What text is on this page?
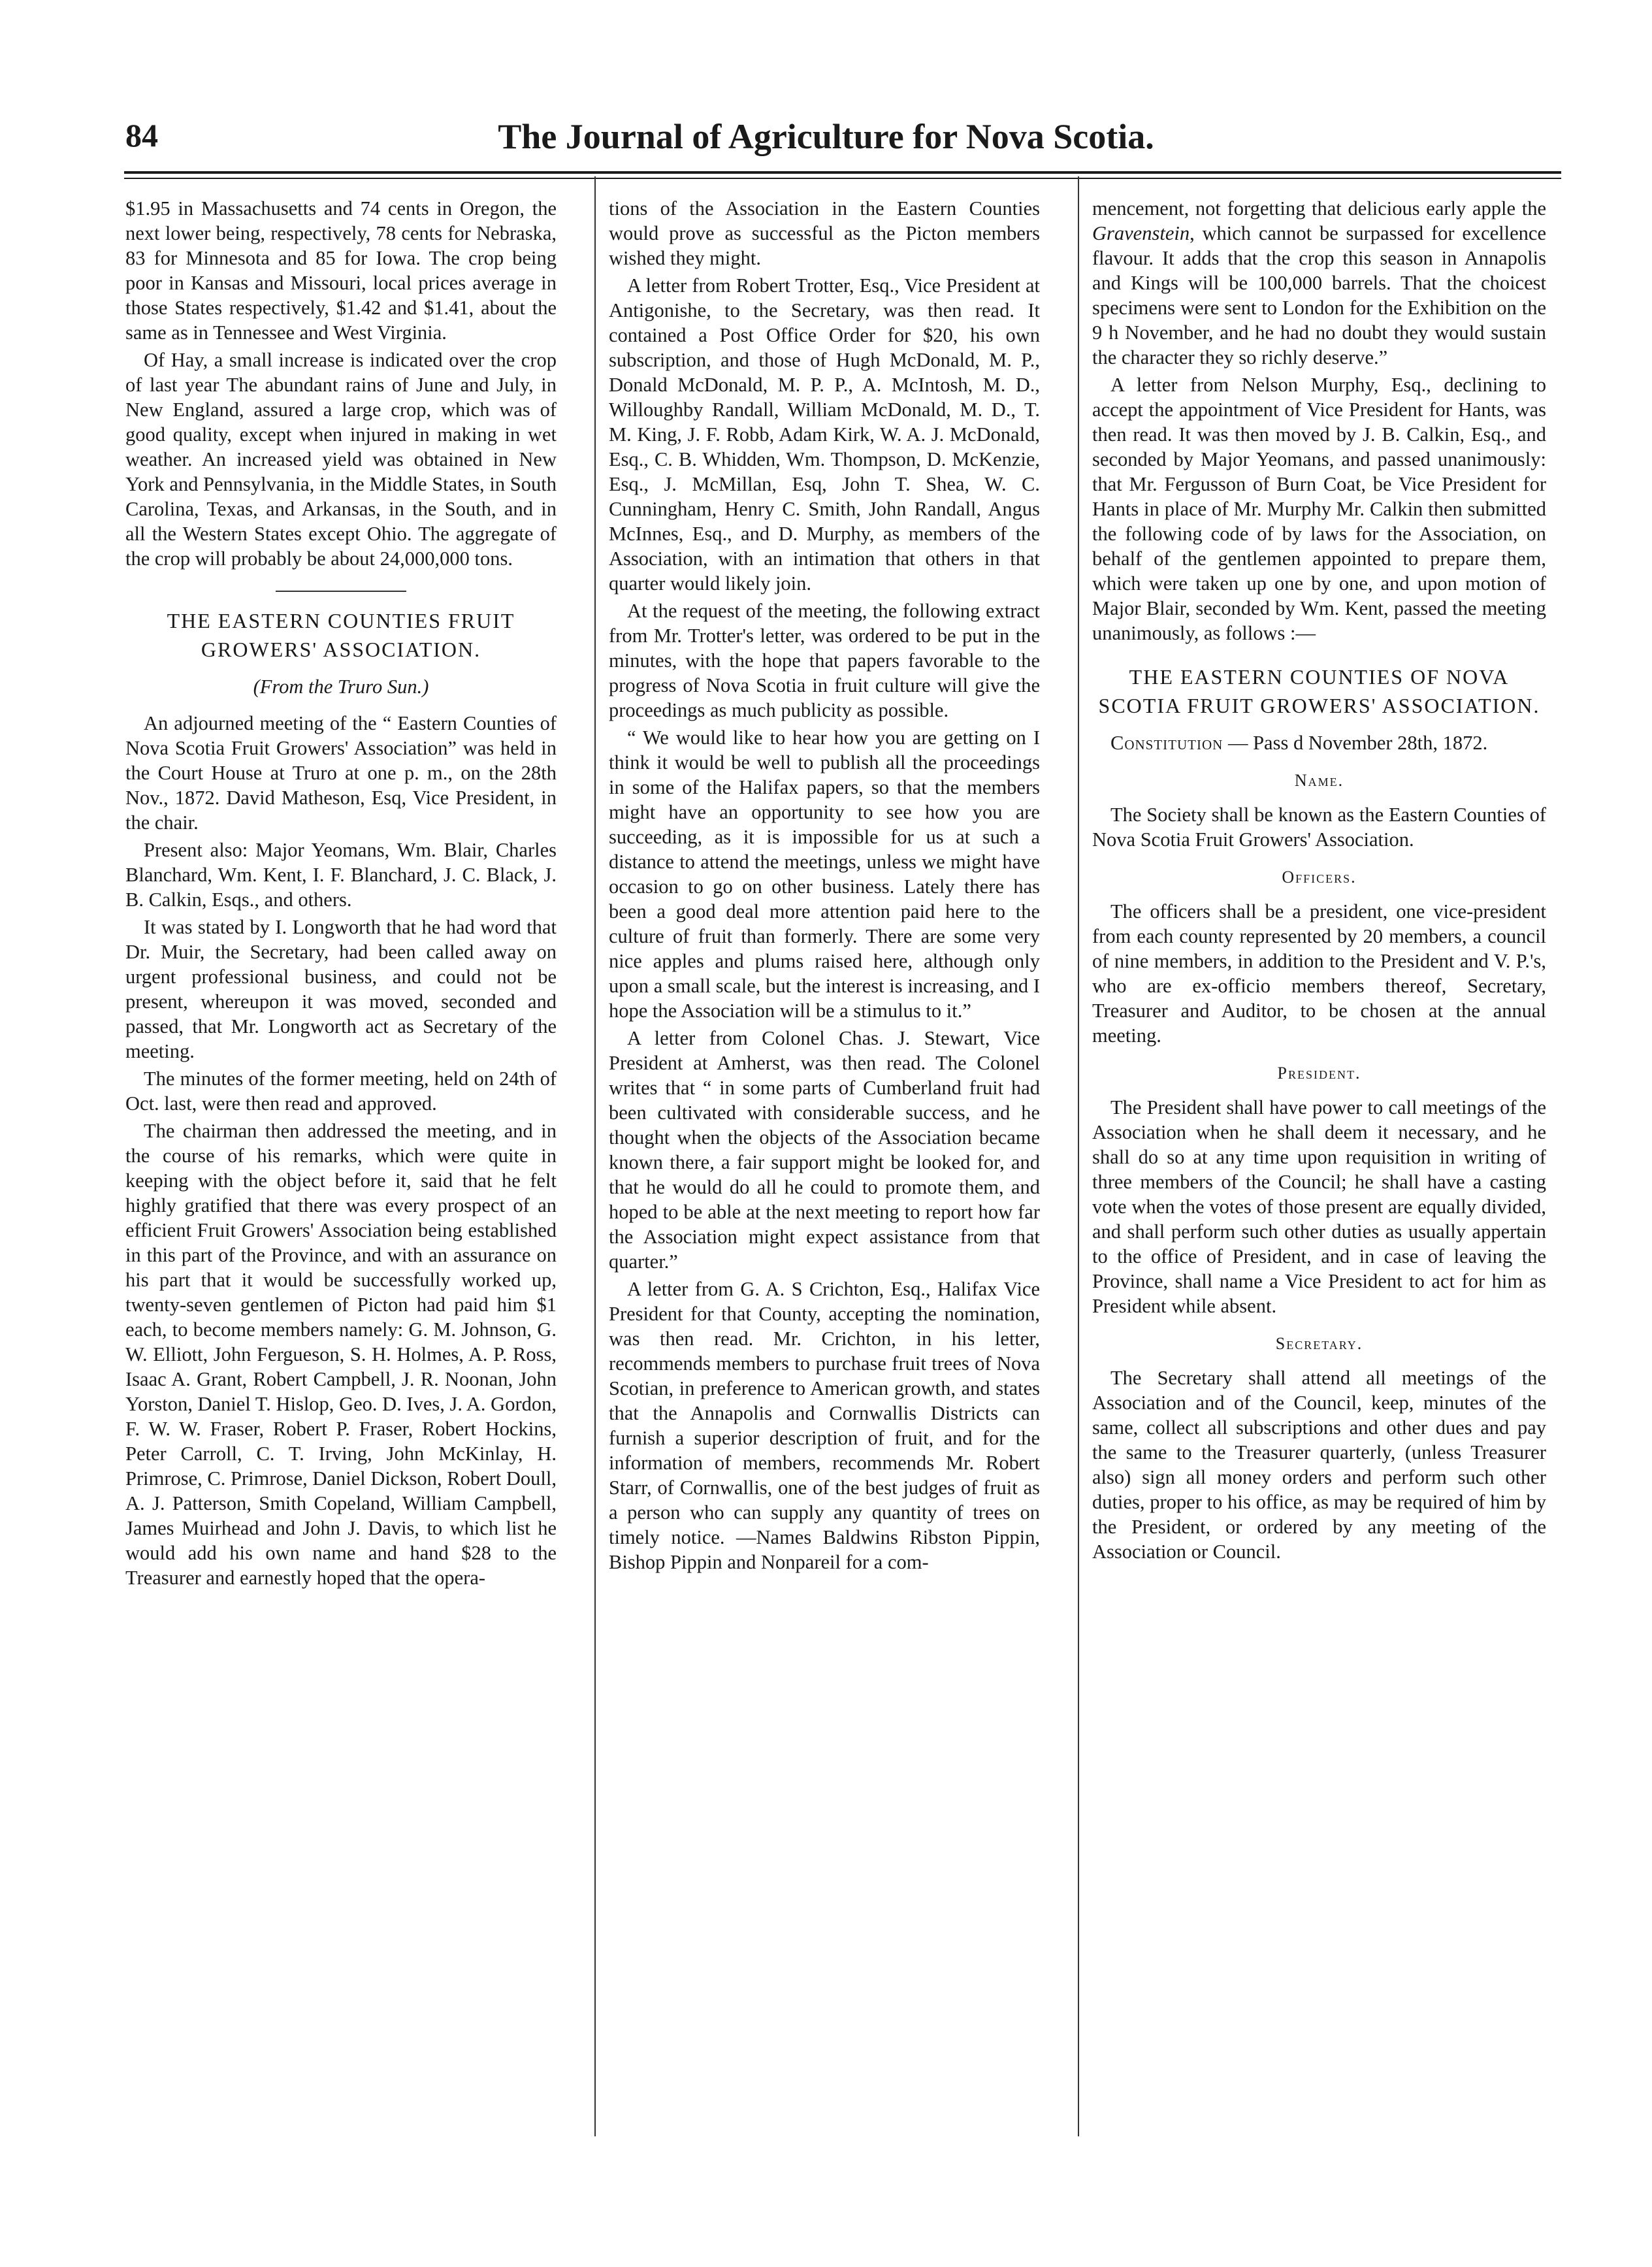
84	The Journal of Agriculture for Nova Scotia.

$1.95 in Massachusetts and 74 cents in Oregon, the next lower being, respectively, 78 cents for Nebraska, 83 for Minnesota and 85 for Iowa. The crop being poor in Kansas and Missouri, local prices average in those States respectively, $1.42 and $1.41, about the same as in Tennessee and West Virginia.

Of Hay, a small increase is indicated over the crop of last year The abundant rains of June and July, in New England, assured a large crop, which was of good quality, except when injured in making in wet weather. An increased yield was obtained in New York and Pennsylvania, in the Middle States, in South Carolina, Texas, and Arkansas, in the South, and in all the Western States except Ohio. The aggregate of the crop will probably be about 24,000,000 tons.

THE EASTERN COUNTIES FRUIT GROWERS' ASSOCIATION.
(From the Truro Sun.)

An adjourned meeting of the “ Eastern Counties of Nova Scotia Fruit Growers' Association” was held in the Court House at Truro at one p. m., on the 28th Nov., 1872. David Matheson, Esq, Vice President, in the chair.

Present also: Major Yeomans, Wm. Blair, Charles Blanchard, Wm. Kent, I. F. Blanchard, J. C. Black, J. B. Calkin, Esqs., and others.

It was stated by I. Longworth that he had word that Dr. Muir, the Secretary, had been called away on urgent professional business, and could not be present, whereupon it was moved, seconded and passed, that Mr. Longworth act as Secretary of the meeting.

The minutes of the former meeting, held on 24th of Oct. last, were then read and approved.

The chairman then addressed the meeting, and in the course of his remarks, which were quite in keeping with the object before it, said that he felt highly gratified that there was every prospect of an efficient Fruit Growers' Association being established in this part of the Province, and with an assurance on his part that it would be successfully worked up, twenty-seven gentlemen of Picton had paid him $1 each, to become members namely: G. M. Johnson, G. W. Elliott, John Fergueson, S. H. Holmes, A. P. Ross, Isaac A. Grant, Robert Campbell, J. R. Noonan, John Yorston, Daniel T. Hislop, Geo. D. Ives, J. A. Gordon, F. W. W. Fraser, Robert P. Fraser, Robert Hockins, Peter Carroll, C. T. Irving, John McKinlay, H. Primrose, C. Primrose, Daniel Dickson, Robert Doull, A. J. Patterson, Smith Copeland, William Campbell, James Muirhead and John J. Davis, to which list he would add his own name and hand $28 to the Treasurer and earnestly hoped that the opera-

tions of the Association in the Eastern Counties would prove as successful as the Picton members wished they might.

A letter from Robert Trotter, Esq., Vice President at Antigonishe, to the Secretary, was then read. It contained a Post Office Order for $20, his own subscription, and those of Hugh McDonald, M. P., Donald McDonald, M. P. P., A. McIntosh, M. D., Willoughby Randall, William McDonald, M. D., T. M. King, J. F. Robb, Adam Kirk, W. A. J. McDonald, Esq., C. B. Whidden, Wm. Thompson, D. McKenzie, Esq., J. McMillan, Esq, John T. Shea, W. C. Cunningham, Henry C. Smith, John Randall, Angus McInnes, Esq., and D. Murphy, as members of the Association, with an intimation that others in that quarter would likely join.

At the request of the meeting, the following extract from Mr. Trotter's letter, was ordered to be put in the minutes, with the hope that papers favorable to the progress of Nova Scotia in fruit culture will give the proceedings as much publicity as possible.

“ We would like to hear how you are getting on I think it would be well to publish all the proceedings in some of the Halifax papers, so that the members might have an opportunity to see how you are succeeding, as it is impossible for us at such a distance to attend the meetings, unless we might have occasion to go on other business. Lately there has been a good deal more attention paid here to the culture of fruit than formerly. There are some very nice apples and plums raised here, although only upon a small scale, but the interest is increasing, and I hope the Association will be a stimulus to it.”

A letter from Colonel Chas. J. Stewart, Vice President at Amherst, was then read. The Colonel writes that “ in some parts of Cumberland fruit had been cultivated with considerable success, and he thought when the objects of the Association became known there, a fair support might be looked for, and that he would do all he could to promote them, and hoped to be able at the next meeting to report how far the Association might expect assistance from that quarter.”

A letter from G. A. S Crichton, Esq., Halifax Vice President for that County, accepting the nomination, was then read. Mr. Crichton, in his letter, recommends members to purchase fruit trees of Nova Scotian, in preference to American growth, and states that the Annapolis and Cornwallis Districts can furnish a superior description of fruit, and for the information of members, recommends Mr. Robert Starr, of Cornwallis, one of the best judges of fruit as a person who can supply any quantity of trees on timely notice. —Names Baldwins Ribston Pippin, Bishop Pippin and Nonpareil for a com-

mencement, not forgetting that delicious early apple the Gravenstein, which cannot be surpassed for excellence flavour. It adds that the crop this season in Annapolis and Kings will be 100,000 barrels. That the choicest specimens were sent to London for the Exhibition on the 9 h November, and he had no doubt they would sustain the character they so richly deserve.”

A letter from Nelson Murphy, Esq., declining to accept the appointment of Vice President for Hants, was then read. It was then moved by J. B. Calkin, Esq., and seconded by Major Yeomans, and passed unanimously: that Mr. Fergusson of Burn Coat, be Vice President for Hants in place of Mr. Murphy Mr. Calkin then submitted the following code of by laws for the Association, on behalf of the gentlemen appointed to prepare them, which were taken up one by one, and upon motion of Major Blair, seconded by Wm. Kent, passed the meeting unanimously, as follows :—

THE EASTERN COUNTIES OF NOVA SCOTIA FRUIT GROWERS' ASSOCIATION.

Constitution — Pass d November 28th, 1872.

Name.

The Society shall be known as the Eastern Counties of Nova Scotia Fruit Growers' Association.

Officers.

The officers shall be a president, one vice-president from each county represented by 20 members, a council of nine members, in addition to the President and V. P.'s, who are ex-officio members thereof, Secretary, Treasurer and Auditor, to be chosen at the annual meeting.

President.

The President shall have power to call meetings of the Association when he shall deem it necessary, and he shall do so at any time upon requisition in writing of three members of the Council; he shall have a casting vote when the votes of those present are equally divided, and shall perform such other duties as usually appertain to the office of President, and in case of leaving the Province, shall name a Vice President to act for him as President while absent.

Secretary.

The Secretary shall attend all meetings of the Association and of the Council, keep, minutes of the same, collect all subscriptions and other dues and pay the same to the Treasurer quarterly, (unless Treasurer also) sign all money orders and perform such other duties, proper to his office, as may be required of him by the President, or ordered by any meeting of the Association or Council.
